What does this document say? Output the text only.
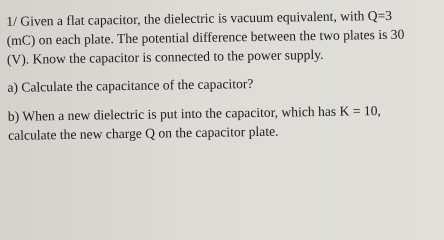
1/ Given a flat capacitor, the dielectric is vacuum equivalent, with Q=3
(mC) on each plate. The potential difference between the two plates is 30
(V). Know the capacitor is connected to the power supply.
a) Calculate the capacitance of the capacitor?
b) When a new dielectric is put into the capacitor, which has K = 10,
calculate the new charge Q on the capacitor plate.
